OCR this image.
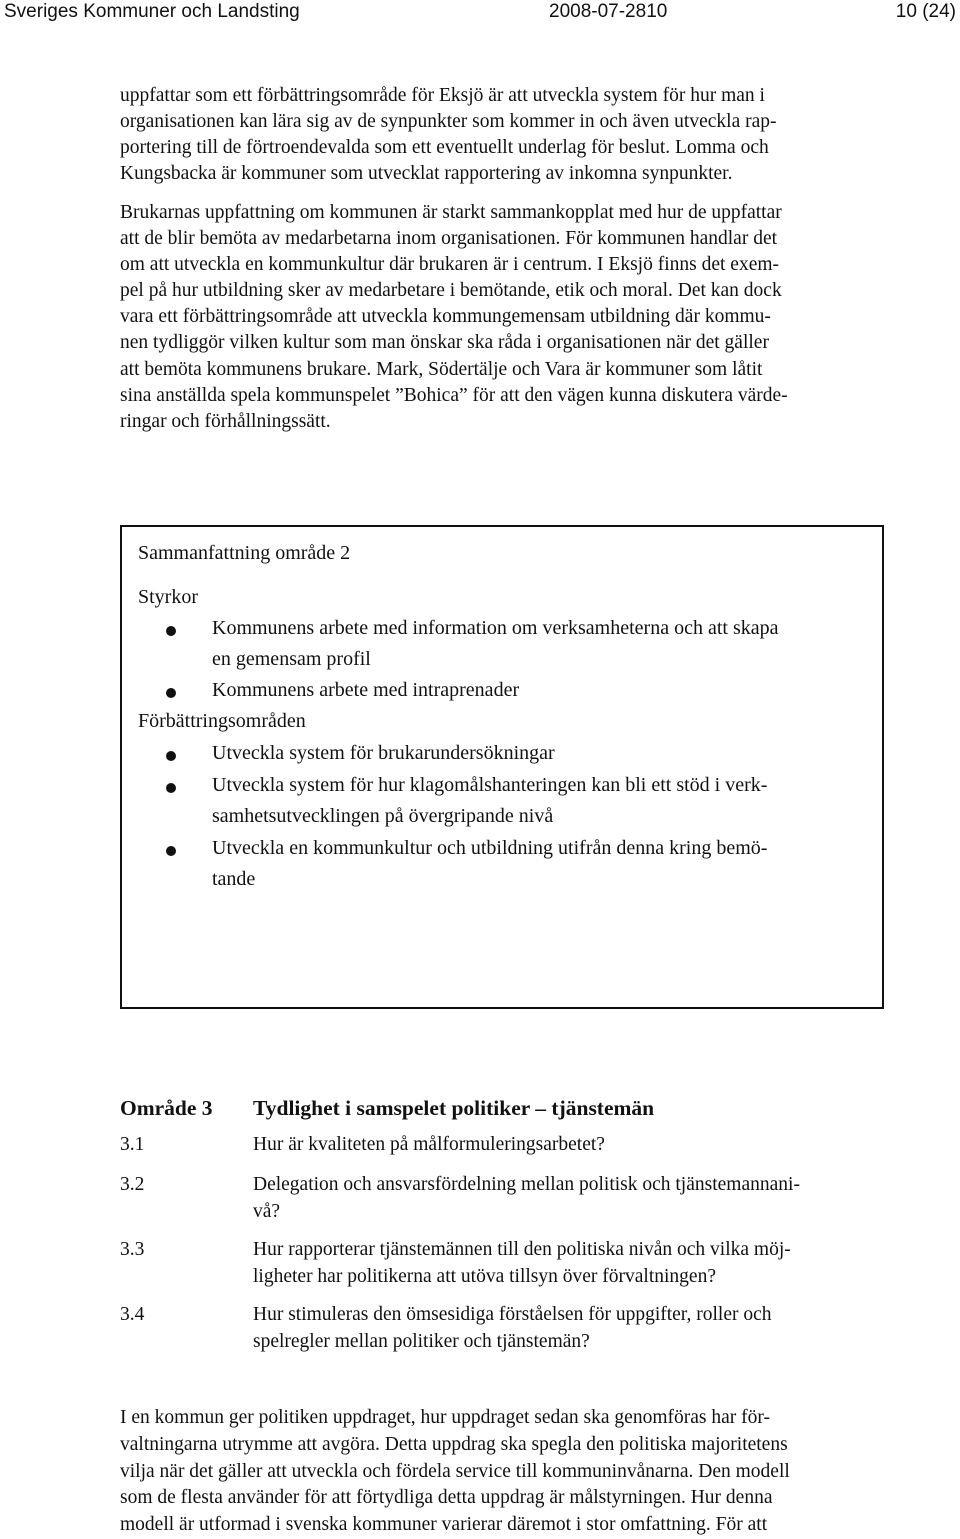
Sveriges Kommuner och Landsting	2008-07-2810	10 (24)

uppfattar som ett förbättringsområde för Eksjö är att utveckla system för hur man i
organisationen kan lära sig av de synpunkter som kommer in och även utveckla rap-
portering till de förtroendevalda som ett eventuellt underlag för beslut. Lomma och
Kungsbacka är kommuner som utvecklat rapportering av inkomna synpunkter.

Brukarnas uppfattning om kommunen är starkt sammankopplat med hur de uppfattar
att de blir bemöta av medarbetarna inom organisationen. För kommunen handlar det
om att utveckla en kommunkultur där brukaren är i centrum. I Eksjö finns det exem-
pel på hur utbildning sker av medarbetare i bemötande, etik och moral. Det kan dock
vara ett förbättringsområde att utveckla kommungemensam utbildning där kommu-
nen tydliggör vilken kultur som man önskar ska råda i organisationen när det gäller
att bemöta kommunens brukare. Mark, Södertälje och Vara är kommuner som låtit
sina anställda spela kommunspelet ”Bohica” för att den vägen kunna diskutera värde-
ringar och förhållningssätt.

Sammanfattning område 2
Styrkor
Kommunens arbete med information om verksamheterna och att skapa
en gemensam profil
Kommunens arbete med intraprenader
Förbättringsområden
Utveckla system för brukarundersökningar
Utveckla system för hur klagomålshanteringen kan bli ett stöd i verk-
samhetsutvecklingen på övergripande nivå
Utveckla en kommunkultur och utbildning utifrån denna kring bemö-
tande
Område 3 Tydlighet i samspelet politiker – tjänstemän
3.1	Hur är kvaliteten på målformuleringsarbetet?
3.2	Delegation och ansvarsfördelning mellan politisk och tjänstemannani-
vå?
3.3	Hur rapporterar tjänstemännen till den politiska nivån och vilka möj-
ligheter har politikerna att utöva tillsyn över förvaltningen?
3.4	Hur stimuleras den ömsesidiga förståelsen för uppgifter, roller och
spelregler mellan politiker och tjänstemän?

I en kommun ger politiken uppdraget, hur uppdraget sedan ska genomföras har för-
valtningarna utrymme att avgöra. Detta uppdrag ska spegla den politiska majoritetens
vilja när det gäller att utveckla och fördela service till kommuninvånarna. Den modell
som de flesta använder för att förtydliga detta uppdrag är målstyrningen. Hur denna
modell är utformad i svenska kommuner varierar däremot i stor omfattning. För att
